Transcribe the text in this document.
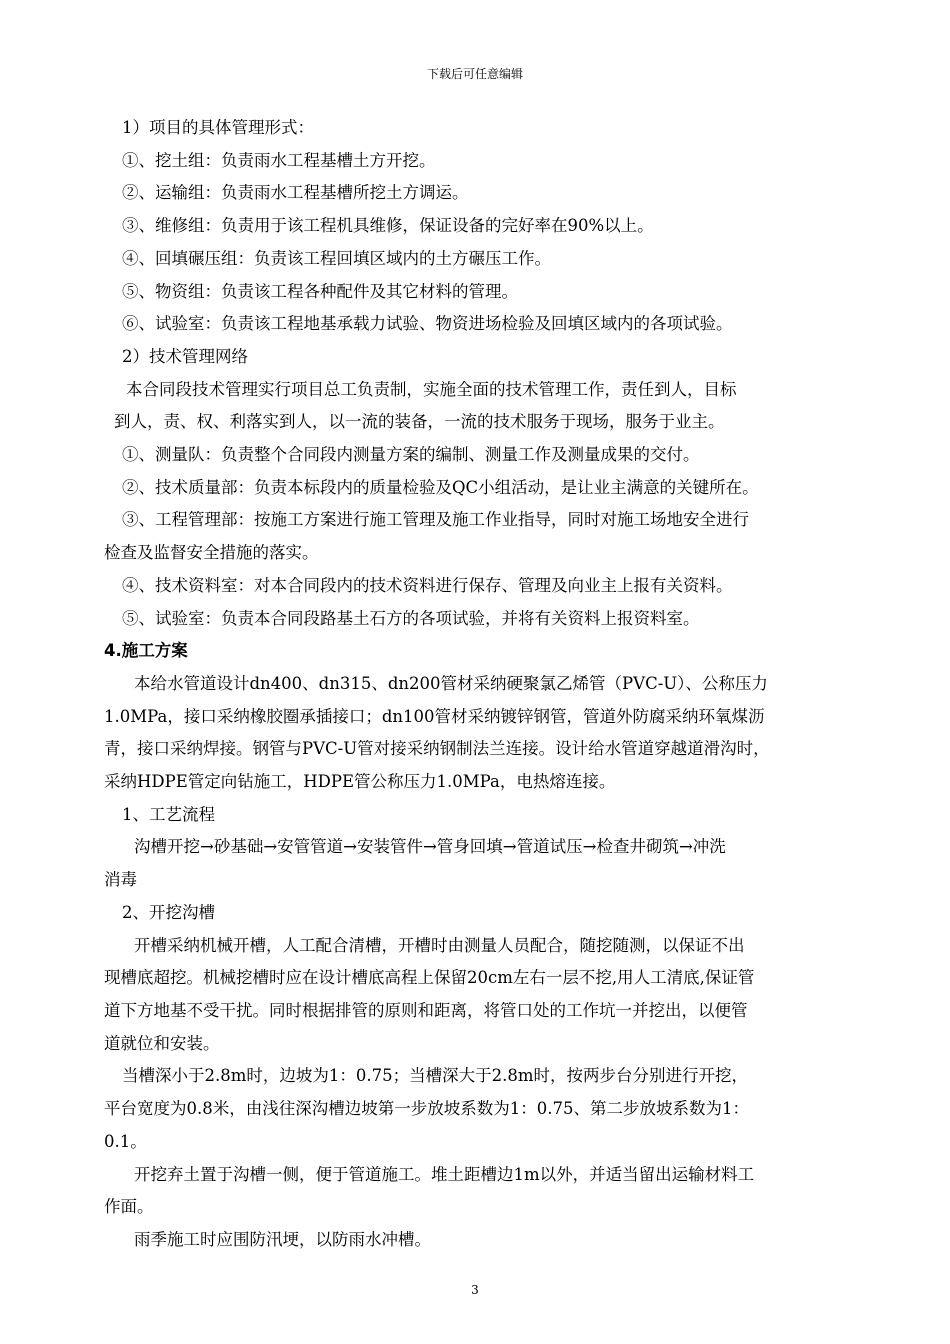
下载后可任意编辑

1）项目的具体管理形式：

①、挖土组：负责雨水工程基槽土方开挖。

②、运输组：负责雨水工程基槽所挖土方调运。

③、维修组：负责用于该工程机具维修，保证设备的完好率在90%以上。

④、回填碾压组：负责该工程回填区域内的土方碾压工作。

⑤、物资组：负责该工程各种配件及其它材料的管理。

⑥、试验室：负责该工程地基承载力试验、物资进场检验及回填区域内的各项试验。

2）技术管理网络

本合同段技术管理实行项目总工负责制，实施全面的技术管理工作，责任到人，目标

到人，责、权、利落实到人，以一流的装备，一流的技术服务于现场，服务于业主。

①、测量队：负责整个合同段内测量方案的编制、测量工作及测量成果的交付。

②、技术质量部：负责本标段内的质量检验及QC小组活动，是让业主满意的关键所在。

③、工程管理部：按施工方案进行施工管理及施工作业指导，同时对施工场地安全进行

检查及监督安全措施的落实。

④、技术资料室：对本合同段内的技术资料进行保存、管理及向业主上报有关资料。

⑤、试验室：负责本合同段路基土石方的各项试验，并将有关资料上报资料室。

4.施工方案

本给水管道设计dn400、dn315、dn200管材采纳硬聚氯乙烯管（PVC-U）、公称压力

1.0MPa，接口采纳橡胶圈承插接口；dn100管材采纳镀锌钢管，管道外防腐采纳环氧煤沥

青，接口采纳焊接。钢管与PVC-U管对接采纳钢制法兰连接。设计给水管道穿越道滑沟时，

采纳HDPE管定向钻施工，HDPE管公称压力1.0MPa，电热熔连接。

1、工艺流程

沟槽开挖→砂基础→安管管道→安装管件→管身回填→管道试压→检查井砌筑→冲洗

消毒

2、开挖沟槽

开槽采纳机械开槽，人工配合清槽，开槽时由测量人员配合，随挖随测，以保证不出

现槽底超挖。机械挖槽时应在设计槽底高程上保留20cm左右一层不挖,用人工清底,保证管

道下方地基不受干扰。同时根据排管的原则和距离，将管口处的工作坑一并挖出，以便管

道就位和安装。

当槽深小于2.8m时，边坡为1：0.75；当槽深大于2.8m时，按两步台分别进行开挖，

平台宽度为0.8米，由浅往深沟槽边坡第一步放坡系数为1：0.75、第二步放坡系数为1：

0.1。

开挖弃土置于沟槽一侧，便于管道施工。堆土距槽边1m以外，并适当留出运输材料工

作面。

雨季施工时应围防汛埂，以防雨水冲槽。

3
